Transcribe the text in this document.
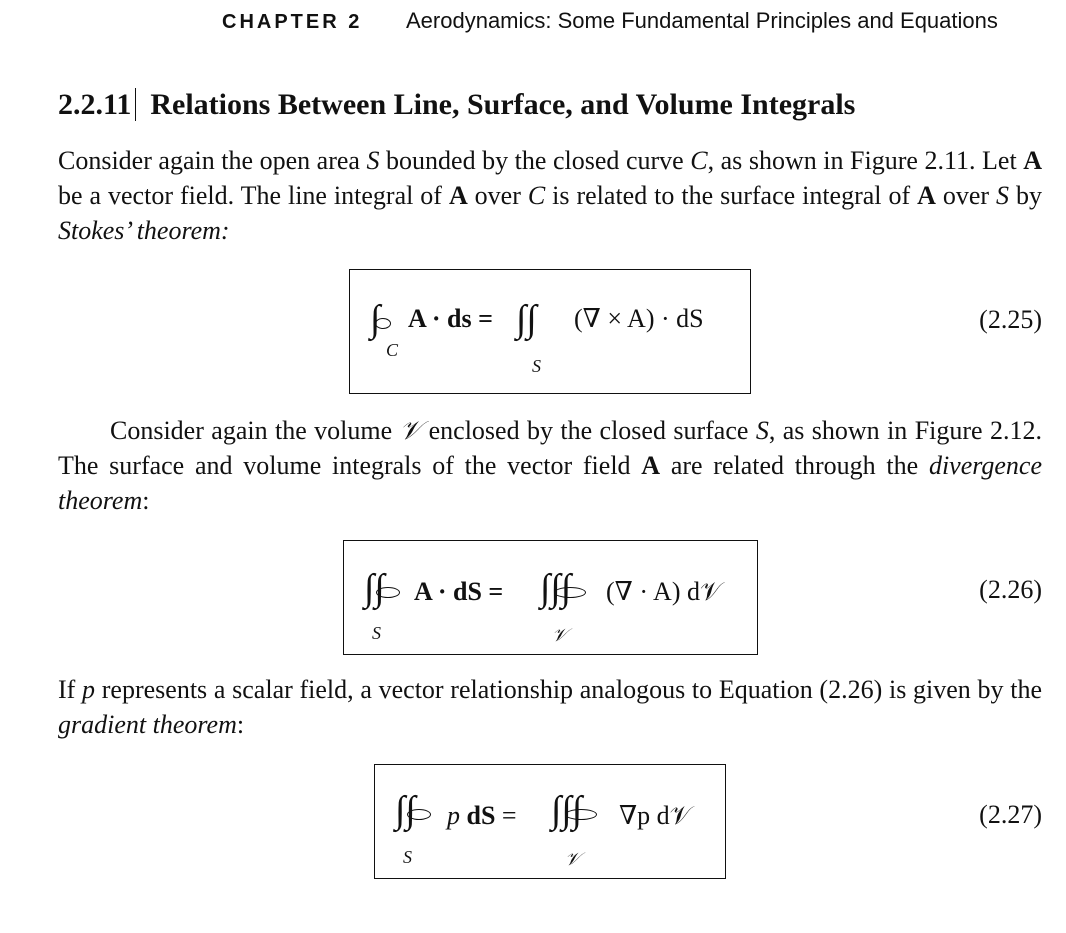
CHAPTER 2 Aerodynamics: Some Fundamental Principles and Equations
2.2.11 Relations Between Line, Surface, and Volume Integrals
Consider again the open area S bounded by the closed curve C, as shown in Figure 2.11. Let A be a vector field. The line integral of A over C is related to the surface integral of A over S by Stokes’ theorem:
∫
C
A · ds = ∫∫
S
(∇ × A) · dS	(2.25)
Consider again the volume 𝒱 enclosed by the closed surface S, as shown in Figure 2.12. The surface and volume integrals of the vector field A are related through the divergence theorem:
∫∫
S
A · dS = ∫∫∫
𝒱
(∇ · A) d𝒱	(2.26)
If p represents a scalar field, a vector relationship analogous to Equation (2.26) is given by the gradient theorem:
∫∫
S
p dS = ∫∫∫
𝒱
∇p d𝒱	(2.27)
